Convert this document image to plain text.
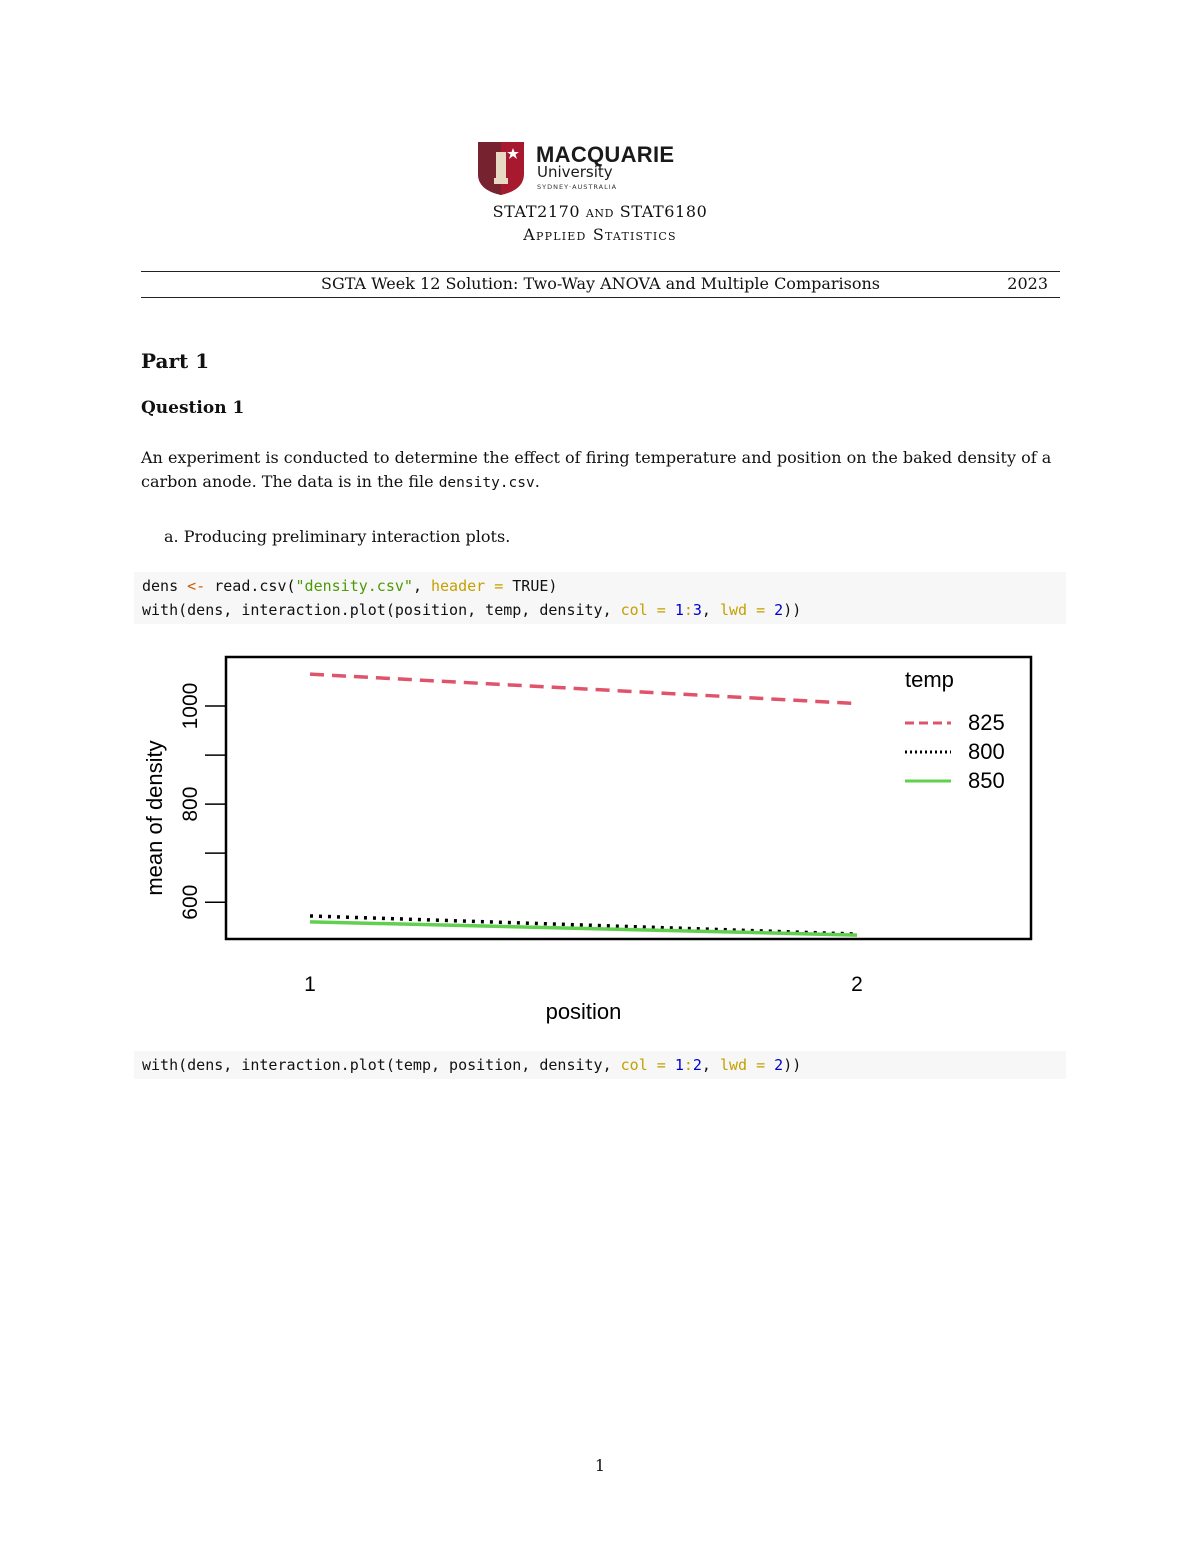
MACQUARIE
University
SYDNEY·AUSTRALIA
STAT2170 and STAT6180
Applied Statistics
SGTA Week 12 Solution: Two-Way ANOVA and Multiple Comparisons	2023
Part 1
Question 1
An experiment is conducted to determine the effect of firing temperature and position on the baked density of a carbon anode. The data is in the file density.csv.
a. Producing preliminary interaction plots.
dens <- read.csv("density.csv", header = TRUE)
with(dens, interaction.plot(position, temp, density, col = 1:3, lwd = 2))
600
800
1000
1	2
temp
825
800
850
mean of density
position
with(dens, interaction.plot(temp, position, density, col = 1:2, lwd = 2))
1
